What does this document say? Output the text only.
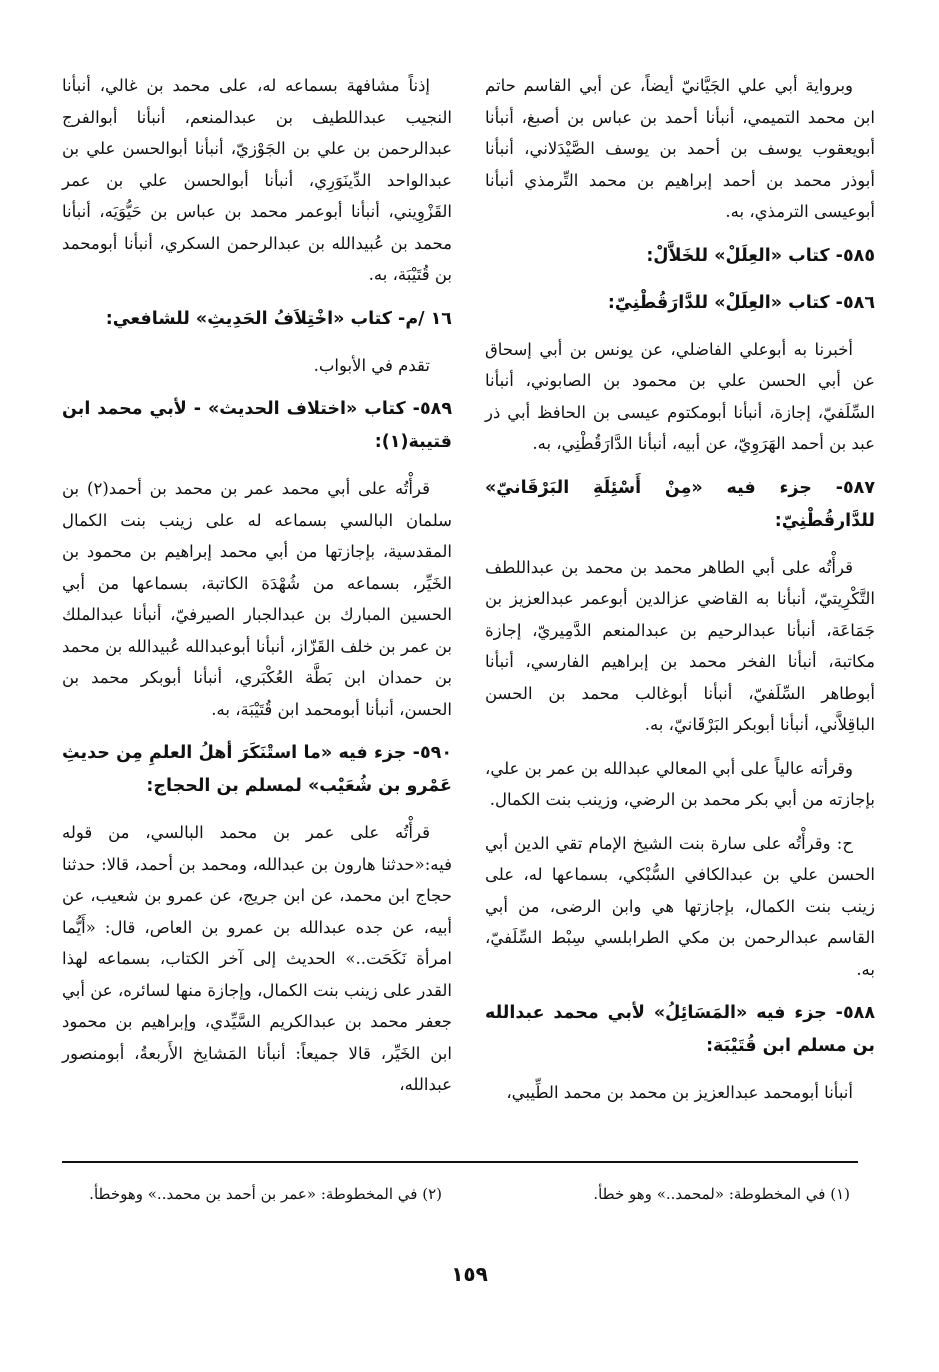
وبرواية أبي علي الجَيَّانيّ أيضاً، عن أبي القاسم حاتم ابن محمد التميمي، أنبأنا أحمد بن عباس بن أصبغ، أنبأنا أبويعقوب يوسف بن أحمد بن يوسف الصَّيْدَلاني، أنبأنا أبوذر محمد بن أحمد إبراهيم بن محمد التِّرمذي أنبأنا أبوعيسى الترمذي، به.

٥٨٥- كتاب «العِلَلْ» للخَلاَّلْ:
٥٨٦- كتاب «العِلَلْ» للدَّارَقُطْنِيّ:

أخبرنا به أبوعلي الفاضلي، عن يونس بن أبي إسحاق عن أبي الحسن علي بن محمود بن الصابوني، أنبأنا السِّلَفيّ، إجازة، أنبأنا أبومكتوم عيسى بن الحافظ أبي ذر عبد بن أحمد الهَرَوِيّ، عن أبيه، أنبأنا الدَّارَقُطْنِي، به.

٥٨٧- جزء فيه «مِنْ أَسْئِلَةِ البَرْقَانيّ» للدَّارقُطْنِيّ:

قرأْتُه على أبي الطاهر محمد بن محمد بن عبداللطف التَّكْرِيتيّ، أنبأنا به القاضي عزالدين أبوعمر عبدالعزيز بن جَمَاعَة، أنبأنا عبدالرحيم بن عبدالمنعم الدَّمِيريّ، إجازة مكاتبة، أنبأنا الفخر محمد بن إبراهيم الفارسي، أنبأنا أبوطاهر السِّلَفيّ، أنبأنا أبوغالب محمد بن الحسن الباقِلاَّني، أنبأنا أبوبكر البَرْقَانيّ، به.

وقرأته عالياً على أبي المعالي عبدالله بن عمر بن علي، بإجازته من أبي بكر محمد بن الرضي، وزينب بنت الكمال.

ح: وقرأْتُه على سارة بنت الشيخ الإمام تقي الدين أبي الحسن علي بن عبدالكافي السُّبْكي، بسماعها له، على زينب بنت الكمال، بإجازتها هي وابن الرضى، من أبي القاسم عبدالرحمن بن مكي الطرابلسي سِبْط السِّلَفيّ، به.

٥٨٨- جزء فيه «المَسَائِلُ» لأبي محمد عبدالله بن مسلم ابن قُتَيْبَة:

أنبأنا أبومحمد عبدالعزيز بن محمد بن محمد الطِّيبي،

إذناً مشافهة بسماعه له، على محمد بن غالي، أنبأنا النجيب عبداللطيف بن عبدالمنعم، أنبأنا أبوالفرج عبدالرحمن بن علي بن الجَوْزيّ، أنبأنا أبوالحسن علي بن عبدالواحد الدِّينَوَرِي، أنبأنا أبوالحسن علي بن عمر القَزْوِيني، أنبأنا أبوعمر محمد بن عباس بن حَيُّوَيَه، أنبأنا محمد بن عُبيدالله بن عبدالرحمن السكري، أنبأنا أبومحمد بن قُتَيْبَة، به.

١٦ /م- كتاب «اخْتِلاَفُ الحَدِيثِ» للشافعي:

تقدم في الأبواب.

٥٨٩- كتاب «اختلاف الحديث» - لأبي محمد ابن قتيبة(١):

قرأْتُه على أبي محمد عمر بن محمد بن أحمد(٢) بن سلمان البالسي بسماعه له على زينب بنت الكمال المقدسية، بإجازتها من أبي محمد إبراهيم بن محمود بن الخَيِّر، بسماعه من شُهْدَة الكاتبة، بسماعها من أبي الحسين المبارك بن عبدالجبار الصيرفيّ، أنبأنا عبدالملك بن عمر بن خلف القَزّاز، أنبأنا أبوعبدالله عُبيدالله بن محمد بن حمدان ابن بَطَّة العُكْبَري، أنبأنا أبوبكر محمد بن الحسن، أنبأنا أبومحمد ابن قُتَيْبَة، به.

٥٩٠- جزء فيه «ما استْنَكَرَ أهلُ العلمِ مِن حديثِ عَمْرو بن شُعَيْب» لمسلم بن الحجاج:

قرأْتُه على عمر بن محمد البالسي، من قوله فيه:«حدثنا هارون بن عبدالله، ومحمد بن أحمد، قالا: حدثنا حجاج ابن محمد، عن ابن جريج، عن عمرو بن شعيب، عن أبيه، عن جده عبدالله بن عمرو بن العاص، قال: «أَيُّما امرأة نَكَحَت..» الحديث إلى آخر الكتاب، بسماعه لهذا القدر على زينب بنت الكمال، وإجازة منها لسائره، عن أبي جعفر محمد بن عبدالكريم السَّيِّدي، وإبراهيم بن محمود ابن الخَيِّر، قالا جميعاً: أنبأنا المَشايخ الأَربعةُ، أبومنصور عبدالله،

(١) في المخطوطة: «لمحمد..» وهو خطأ.
(٢) في المخطوطة: «عمر بن أحمد بن محمد..» وهوخطأ.
١٥٩
